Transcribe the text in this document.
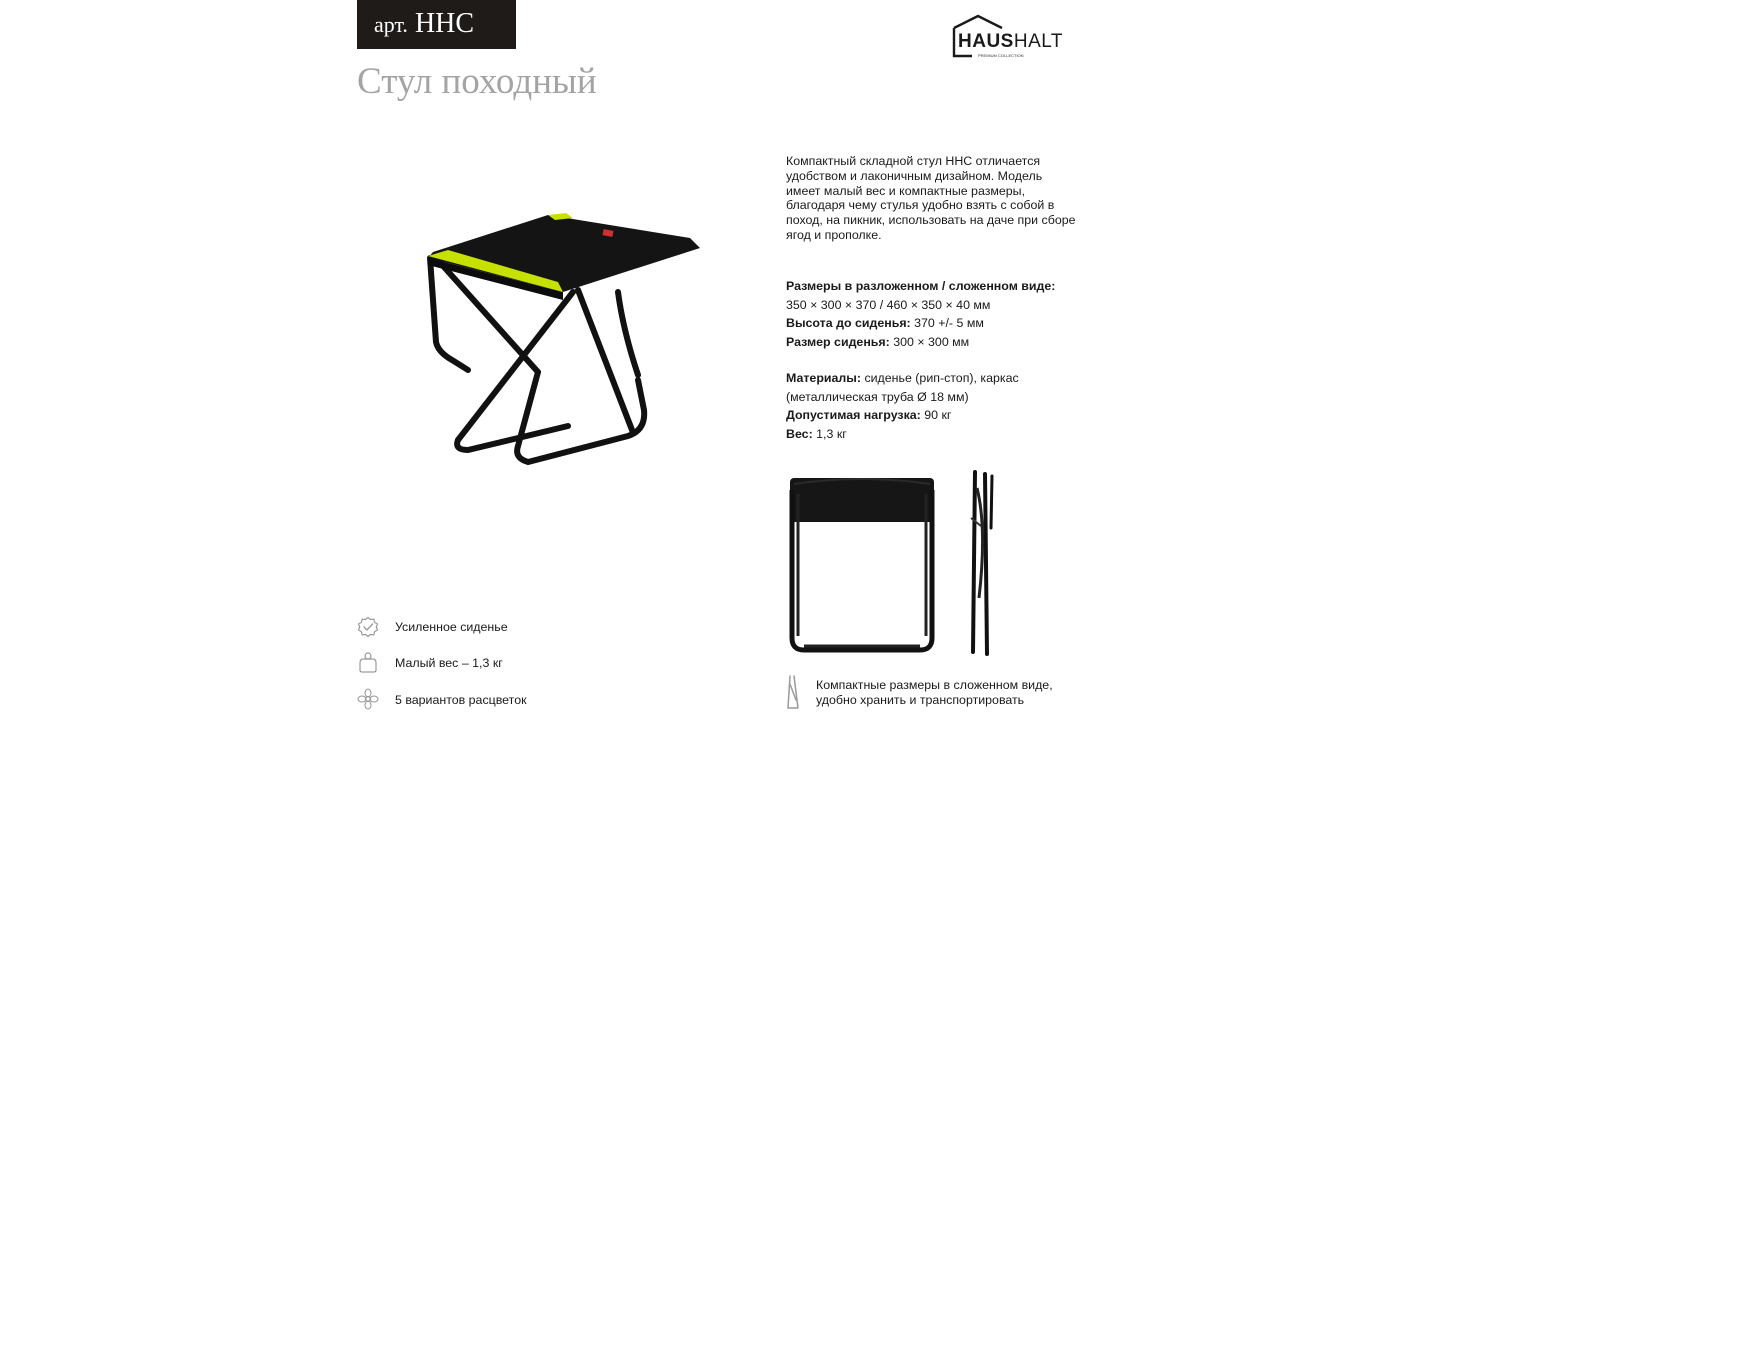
арт. HHC
Стул походный
HAUSHALT
PREMIUM COLLECTION

Компактный складной стул HHC отличается удобством и лаконичным дизайном. Модель имеет малый вес и компактные размеры, благодаря чему стулья удобно взять с собой в поход, на пикник, использовать на даче при сборе ягод и прополке.

Размеры в разложенном / сложенном виде:
350 × 300 × 370 / 460 × 350 × 40 мм
Высота до сиденья: 370 +/- 5 мм
Размер сиденья: 300 × 300 мм
Материалы: сиденье (рип-стоп), каркас
(металлическая труба Ø 18 мм)
Допустимая нагрузка: 90 кг
Вес: 1,3 кг
Компактные размеры в сложенном виде, удобно хранить и транспортировать
Усиленное сиденье
Малый вес – 1,3 кг
5 вариантов расцветок
